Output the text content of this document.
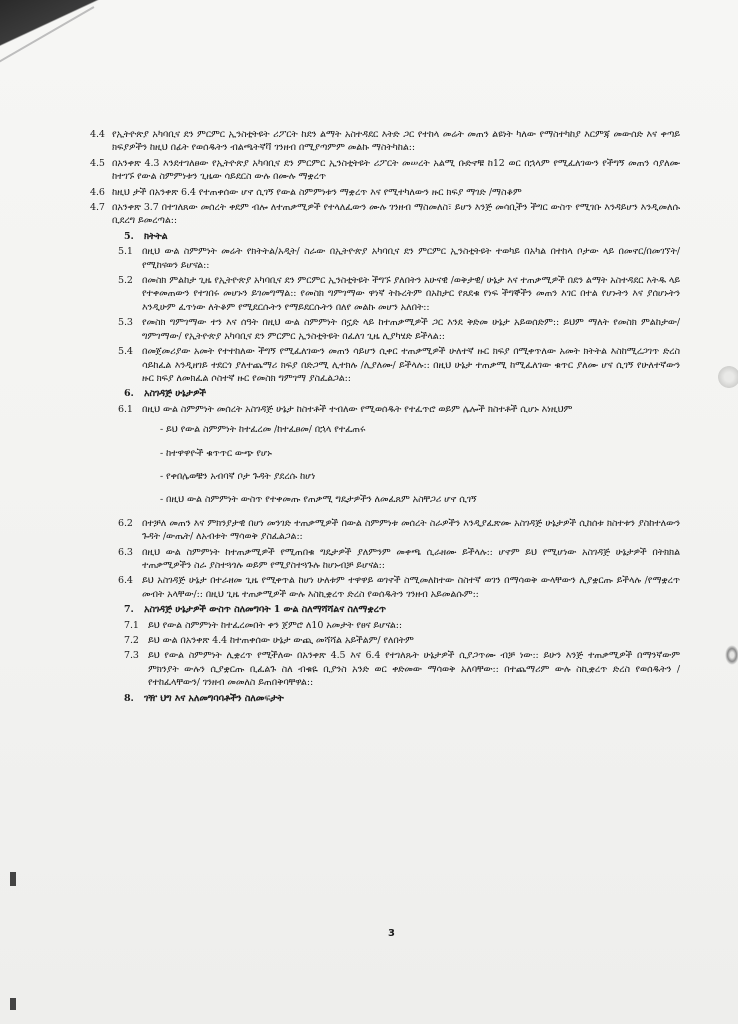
4.4 የኢትዮጵያ አካባቢና ደን ምርምር ኢንስቲትዩት ሪፖርት ከደን ልማት አስተዳደር እትድ ጋር የተከላ መሬት መጠን ልዩነት ካለው የማስተካከያ እርምጃ መውሰድ እና ቀጣይ ክፍያዎችን ከዚህ በፊት የወሰዱትን ብልጫትኛቫ ገንዘብ በሚያጣምም መልኩ ማስትካከል::
4.5 በአንቀጽ 4.3 እንደተገለፀው የኢትዮጵያ አካባቢና ደን ምርምር ኢንስቲትዩት ሪፖርት መሠረት አልሚ ቡድኖቹ ከ12 ወር በኋላም የሚፈለገውን የችግኝ መጠን ሳያለሙ ከተገኙ የውል ስምምነቱን ጊዜው ሳይደርስ ውሉ በሙሉ ማቋረጥ
4.6 ከዚህ ታች በአንቀጽ 6.4 የተጠቀሰው ሆኖ ሲገኝ የውል ስምምነቱን ማቋረጥ እና የሚተካለውን ዙር ክፍያ ማገድ /ማስቆም
4.7 በአንቀጽ 3.7 በተገለጸው መሰረት ቀደም ብሎ ለተጠቃሚዎች የተላለፈውን ሙሉ ገንዘብ ማስመለስ፣ ይሆን እንጅ መሳቢችን ችግር ውስጥ የሚገቡ እንዳይሆን እንዲመለሱ ቢደረግ ይመረጣል::
5.	ክትትል
5.1 በዚህ ውል ስምምነት መሬት የክትትል/አዲት/ ስራው በኢትዮጵያ አካባቢና ደን ምርምር ኢንስቲትዩት ተወካይ በአካል በተከላ ቦታው ላይ በመኖር/በመገኘት/ የሚከናወን ይሆናል::
5.2 በመስክ ምልከታ ጊዜ የኢትዮጵያ አካባቢና ደን ምርምር ኢንስቲትዩት ችግኙ ያለበትን አሁናዊ /ወቅታዊ/ ሁኔታ እና ተጠቃሚዎች በደን ልማት አስተዳደር እትዱ ላይ የተቀመጠውን የተገበሩ መሆኑን ይገመግማል:: የመስክ ግምገማው ዋነኛ ትኩረትም በአከታር የጸደቁ የነፍ ችግኞችን መጠን እገር በተል የሆኑትን እና ያሰሆኑትን እንዲሁም ፈጥነው ለትቆም የሚደርሱትን የማይደርሱትን በለየ መልኩ መሆን አለበት::
5.3 የመስክ ግምገማው ተን እና ሰዓት በዚህ ውል ስምምነት በኗድ ላይ ከተጠቃሚዎች ጋር እንደ ቅድመ ሁኔታ አይወሰድም:: ይህም ማለት የመስክ ምልከታው/ግምገማው/ የኢትዮጵያ አካባቢና ደን ምርምር ኢንስቲትዩት በፈለገ ጊዜ ሊያካሄድ ይችላል::
5.4 በመጀመሪያው አመት የተተከለው ችግኝ የሚፈለገውን መጠን ሳይሆን ሲቀር ተጠቃሚዎች ሁለተኛ ዙር ክፍያ በሚቀጥለው አመት ክትትል እስከሚረጋገጥ ድረስ ሳይከፈል እንዲዘገይ ተደርጎ ያለተጨማሪ ክፍያ በድጋሚ ሊተክሉ /ሊያለሙ/ ይችላሉ:: በዚህ ሁኔታ ተጠቃሚ ከሚፈለገው ቁጥር ያለሙ ሆና ሲገኝ የሁለተኛውን ዙር ክፍያ ለመክፈል ሶስተኛ ዙር የመስክ ግምገማ ያስፈልጋል::
6.	አስገዳጅ ሁኔታዎች
6.1 በዚህ ውል ስምምነት መሰረት አስገዳጅ ሁኔታ ከስተቶች ተብለው የሚወሰዱት የተፈጥሮ ወይም ሌሎች ክስተቶች ሲሆኑ እነዚህም
- ይህ የውል ስምምነት ከተፈረመ /ከተፈፀመ/ በኋላ የተፈጠሩ
- ከተዋዋዮች ቁጥጥር ውጭ የሆኑ
- የቀበሌወቹን አብባኛ ቦታ ጉዳት ያደረሱ ከሆነ
- በዚህ ውል ስምምነት ውስጥ የተቀመጡ የጠቃሚ ግዴታዎችን ለመፈጸም አስቸጋሪ ሆኖ ሲገኝ
6.2 በተቻለ መጠን እና ምክንያታዊ በሆነ መንገድ ተጠቃሚዎች በውል ስምምነቱ መሰረት ስራዎችን እንዲያፈጽሙ አስገዳጅ ሁኔታዎች ሲከሰቱ ክስተቱን ያስከተለውን ጉዳት /ውጤት/ ለአብቱት ማሳወቅ ያስፈልጋል::
6.3 በዚህ ውል ስምምነት ከተጠቃሚዎች የሚጠበቁ ግዴታዎች ያለምንም መቀጫ ሲራዘሙ ይችላሉ:: ሆኖም ይህ የሚሆነው አስገዳጅ ሁኔታዎች በትክክል ተጠቃሚዎችን ስራ ያስተጓጎሉ ወይም የሚያስተጓጉሉ ከሆኑብቻ ይሆናል::
6.4 ይህ አስገዳጅ ሁኔታ በተራዘመ ጊዜ የሚቀጥል ከሆነ ሁለቱም ተዋዋይ ወገኖች ስሚመለከተው ስስተኛ ወገን በማሳወቅ ውላቸውን ሊያቋርጡ ይችላሉ /የማቋረጥ መብት አላቸው/:: በዚህ ጊዜ ተጠቃሚዎች ውሉ እስኪቋረጥ ድረስ የወሰዱትን ገንዘብ አይመልሱም::
7.	አስገዳጅ ሁኔታዎች ውስጥ ስለመግባት 1 ውል ስለማሻሻልና ስለማቋረጥ
7.1 ይህ የውል ስምምነት ከተፈረመበት ቀን ጀምሮ ለ10 አመታት የፀና ይሆናል::
7.2 ይህ ውል በአንቀጽ 4.4 ከተጠቀሰው ሁኔታ ውጪ መሻሻል አይችልም/ የለበትም
7.3 ይህ የውል ስምምነት ሊቋረጥ የሚችለው በአንቀጽ 4.5 እና 6.4 የተገለጹት ሁኔታዎች ሲያጋጥሙ ብቻ ነው:: ይሁን እንጅ ተጠቃሚዎች በማንኛውም ምክንያት ውሉን ሲያቋርጡ ቢፈልጉ ስለ ብቁዬ ቢያንስ አንድ ወር ቀድመው ማሳወቅ አለባቸው:: በተጨማሪም ውሉ ስኪቋረጥ ድረስ የወሰዱትን /የተከፈላቸውን/ ገንዘብ መመለስ ይጠበቅባቸዋል::
8.	ገዥ ህግ እና አለመግባባቶችን ስለመፍታት
3
